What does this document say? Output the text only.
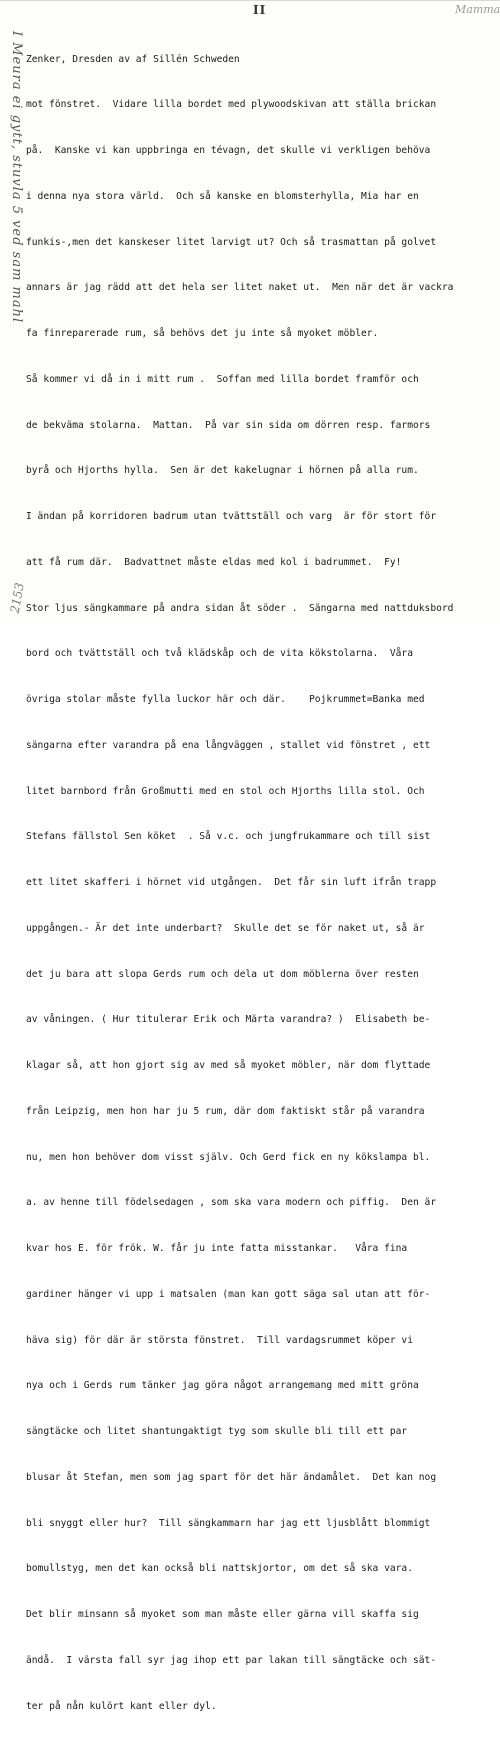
II	Mamma
I Meura ei gytt, stuvla 5 ved sam mahl
2153

Zenker, Dresden av af Sillén Schweden

mot fönstret.  Vidare lilla bordet med plywoodskivan att ställa brickan

på.  Kanske vi kan uppbringa en tévagn, det skulle vi verkligen behöva

i denna nya stora värld.  Och så kanske en blomsterhylla, Mia har en

funkis-,men det kanskeser litet larvigt ut? Och så trasmattan på golvet

annars är jag rädd att det hela ser litet naket ut.  Men när det är vackra

fa finreparerade rum, så behövs det ju inte så myoket möbler.

Så kommer vi då in i mitt rum .  Soffan med lilla bordet framför och

de bekväma stolarna.  Mattan.  På var sin sida om dörren resp. farmors

byrå och Hjorths hylla.  Sen är det kakelugnar i hörnen på alla rum.

I ändan på korridoren badrum utan tvättställ och varg  är för stort för

att få rum där.  Badvattnet måste eldas med kol i badrummet.  Fy!

Stor ljus sängkammare på andra sidan åt söder .  Sängarna med nattduksbord

bord och tvättställ och två klädskåp och de vita kökstolarna.  Våra

övriga stolar måste fylla luckor här och där.    Pojkrummet=Banka med

sängarna efter varandra på ena långväggen , stallet vid fönstret , ett

litet barnbord från Großmutti med en stol och Hjorths lilla stol. Och

Stefans fällstol Sen köket  . Så v.c. och jungfrukammare och till sist

ett litet skafferi i hörnet vid utgången.  Det får sin luft ifrån trapp

uppgången.- Är det inte underbart?  Skulle det se för naket ut, så är

det ju bara att slopa Gerds rum och dela ut dom möblerna över resten

av våningen. ( Hur titulerar Erik och Märta varandra? )  Elisabeth be-

klagar så, att hon gjort sig av med så myoket möbler, när dom flyttade

från Leipzig, men hon har ju 5 rum, där dom faktiskt står på varandra

nu, men hon behöver dom visst själv. Och Gerd fick en ny kökslampa bl.

a. av henne till födelsedagen , som ska vara modern och piffig.  Den är

kvar hos E. för frök. W. får ju inte fatta misstankar.   Våra fina

gardiner hänger vi upp i matsalen (man kan gott säga sal utan att för-

häva sig) för där är största fönstret.  Till vardagsrummet köper vi

nya och i Gerds rum tänker jag göra något arrangemang med mitt gröna

sängtäcke och litet shantungaktigt tyg som skulle bli till ett par

blusar åt Stefan, men som jag spart för det här ändamålet.  Det kan nog

bli snyggt eller hur?  Till sängkammarn har jag ett ljusblått blommigt

bomullstyg, men det kan också bli nattskjortor, om det så ska vara.

Det blir minsann så myoket som man måste eller gärna vill skaffa sig

ändå.  I värsta fall syr jag ihop ett par lakan till sängtäcke och sät-

ter på nån kulört kant eller dyl.
